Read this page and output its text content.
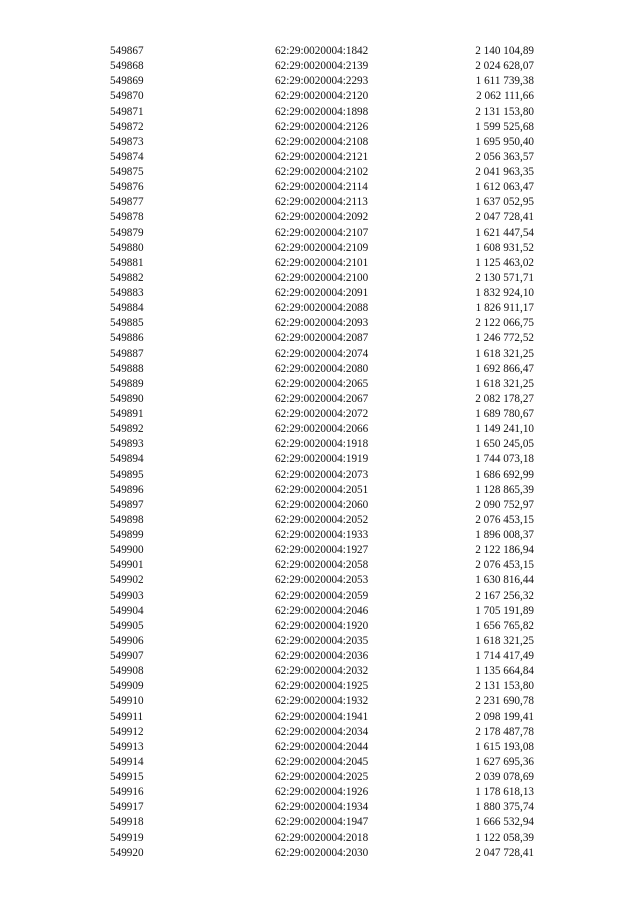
549867	62:29:0020004:1842	2 140 104,89
549868	62:29:0020004:2139	2 024 628,07
549869	62:29:0020004:2293	1 611 739,38
549870	62:29:0020004:2120	2 062 111,66
549871	62:29:0020004:1898	2 131 153,80
549872	62:29:0020004:2126	1 599 525,68
549873	62:29:0020004:2108	1 695 950,40
549874	62:29:0020004:2121	2 056 363,57
549875	62:29:0020004:2102	2 041 963,35
549876	62:29:0020004:2114	1 612 063,47
549877	62:29:0020004:2113	1 637 052,95
549878	62:29:0020004:2092	2 047 728,41
549879	62:29:0020004:2107	1 621 447,54
549880	62:29:0020004:2109	1 608 931,52
549881	62:29:0020004:2101	1 125 463,02
549882	62:29:0020004:2100	2 130 571,71
549883	62:29:0020004:2091	1 832 924,10
549884	62:29:0020004:2088	1 826 911,17
549885	62:29:0020004:2093	2 122 066,75
549886	62:29:0020004:2087	1 246 772,52
549887	62:29:0020004:2074	1 618 321,25
549888	62:29:0020004:2080	1 692 866,47
549889	62:29:0020004:2065	1 618 321,25
549890	62:29:0020004:2067	2 082 178,27
549891	62:29:0020004:2072	1 689 780,67
549892	62:29:0020004:2066	1 149 241,10
549893	62:29:0020004:1918	1 650 245,05
549894	62:29:0020004:1919	1 744 073,18
549895	62:29:0020004:2073	1 686 692,99
549896	62:29:0020004:2051	1 128 865,39
549897	62:29:0020004:2060	2 090 752,97
549898	62:29:0020004:2052	2 076 453,15
549899	62:29:0020004:1933	1 896 008,37
549900	62:29:0020004:1927	2 122 186,94
549901	62:29:0020004:2058	2 076 453,15
549902	62:29:0020004:2053	1 630 816,44
549903	62:29:0020004:2059	2 167 256,32
549904	62:29:0020004:2046	1 705 191,89
549905	62:29:0020004:1920	1 656 765,82
549906	62:29:0020004:2035	1 618 321,25
549907	62:29:0020004:2036	1 714 417,49
549908	62:29:0020004:2032	1 135 664,84
549909	62:29:0020004:1925	2 131 153,80
549910	62:29:0020004:1932	2 231 690,78
549911	62:29:0020004:1941	2 098 199,41
549912	62:29:0020004:2034	2 178 487,78
549913	62:29:0020004:2044	1 615 193,08
549914	62:29:0020004:2045	1 627 695,36
549915	62:29:0020004:2025	2 039 078,69
549916	62:29:0020004:1926	1 178 618,13
549917	62:29:0020004:1934	1 880 375,74
549918	62:29:0020004:1947	1 666 532,94
549919	62:29:0020004:2018	1 122 058,39
549920	62:29:0020004:2030	2 047 728,41
